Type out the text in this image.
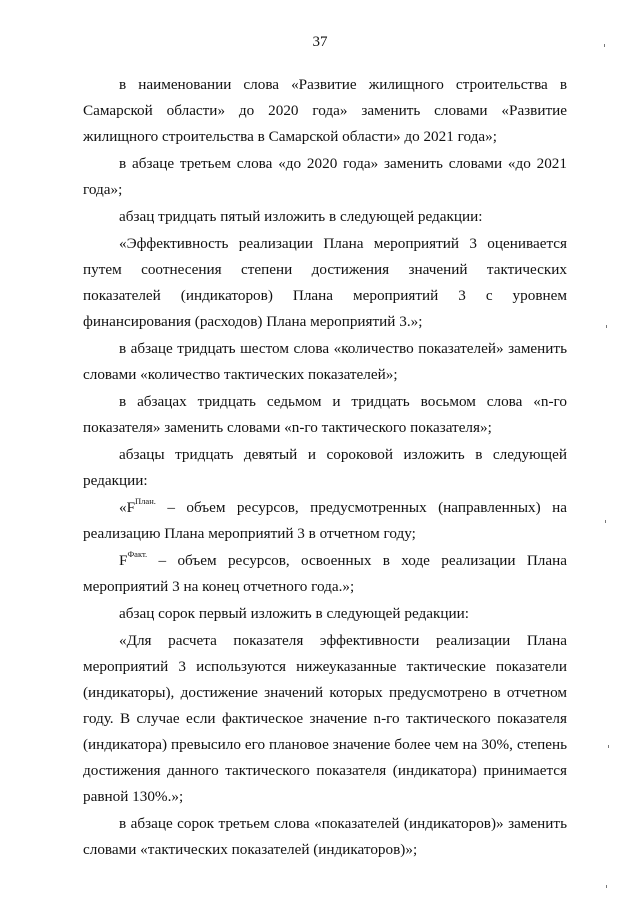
37

в наименовании слова «Развитие жилищного строительства в Самарской области» до 2020 года» заменить словами «Развитие жилищного строительства в Самарской области» до 2021 года»;

в абзаце третьем слова «до 2020 года» заменить словами «до 2021 года»;

абзац тридцать пятый изложить в следующей редакции:

«Эффективность реализации Плана мероприятий 3 оценивается путем соотнесения степени достижения значений тактических показателей (индикаторов) Плана мероприятий 3 с уровнем финансирования (расходов) Плана мероприятий 3.»;

в абзаце тридцать шестом слова «количество показателей» заменить словами «количество тактических показателей»;

в абзацах тридцать седьмом и тридцать восьмом слова «n-го показателя» заменить словами «n-го тактического показателя»;

абзацы тридцать девятый и сороковой изложить в следующей редакции:

«$F^{План.}$ – объем ресурсов, предусмотренных (направленных) на реализацию Плана мероприятий 3 в отчетном году;

$F^{Факт.}$ – объем ресурсов, освоенных в ходе реализации Плана мероприятий 3 на конец отчетного года.»;

абзац сорок первый изложить в следующей редакции:

«Для расчета показателя эффективности реализации Плана мероприятий 3 используются нижеуказанные тактические показатели (индикаторы), достижение значений которых предусмотрено в отчетном году. В случае если фактическое значение n-го тактического показателя (индикатора) превысило его плановое значение более чем на 30%, степень достижения данного тактического показателя (индикатора) принимается равной 130%.»;

в абзаце сорок третьем слова «показателей (индикаторов)» заменить словами «тактических показателей (индикаторов)»;
